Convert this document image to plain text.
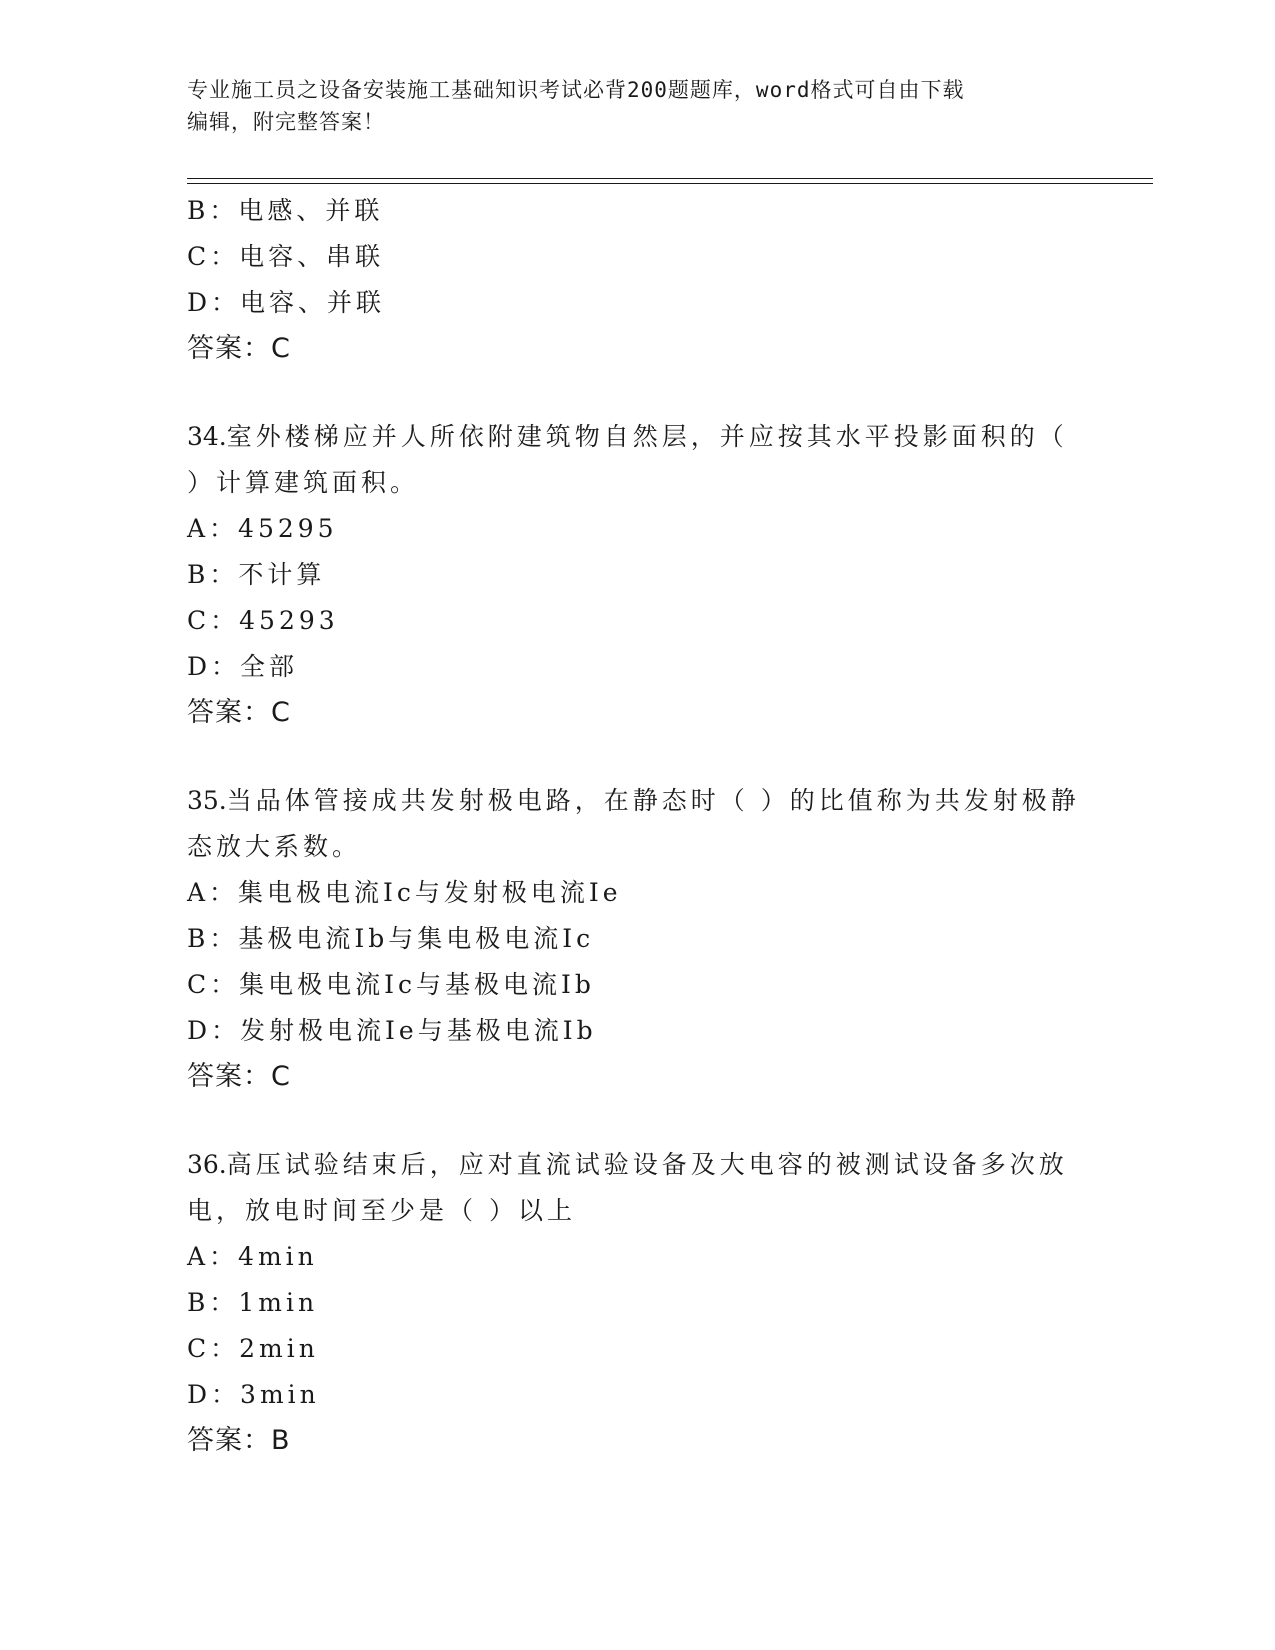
专业施工员之设备安装施工基础知识考试必背200题题库，word格式可自由下载
编辑，附完整答案！
B：电感、并联
C：电容、串联
D：电容、并联
答案：C
34.室外楼梯应并人所依附建筑物自然层，并应按其水平投影面积的（ ）计算建筑面积。
A：45295
B：不计算
C：45293
D：全部
答案：C
35.当品体管接成共发射极电路，在静态时（ ）的比值称为共发射极静态放大系数。
A：集电极电流Ic与发射极电流Ie
B：基极电流Ib与集电极电流Ic
C：集电极电流Ic与基极电流Ib
D：发射极电流Ie与基极电流Ib
答案：C
36.高压试验结束后，应对直流试验设备及大电容的被测试设备多次放电，放电时间至少是（ ）以上
A：4min
B：1min
C：2min
D：3min
答案：B
